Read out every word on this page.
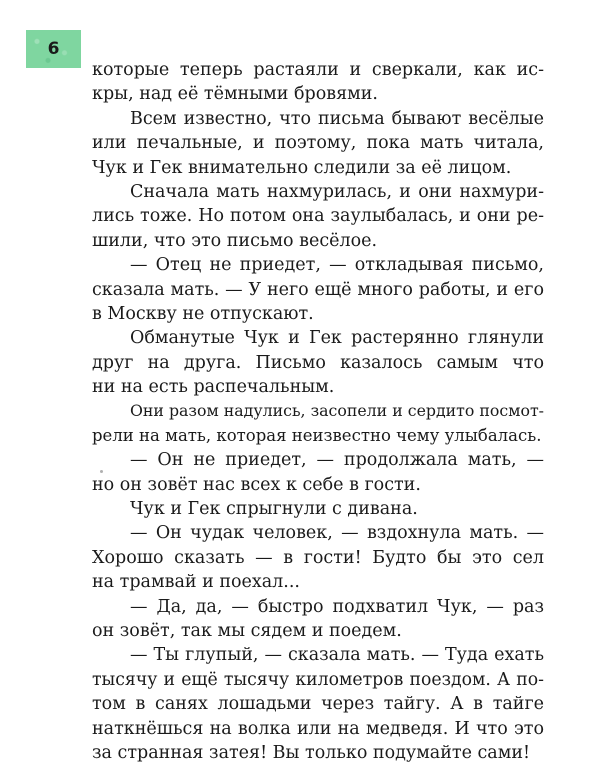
6
которые теперь растаяли и сверкали, как ис-
кры, над её тёмными бровями.
Всем известно, что письма бывают весёлые
или печальные, и поэтому, пока мать читала,
Чук и Гек внимательно следили за её лицом.
Сначала мать нахмурилась, и они нахмури-
лись тоже. Но потом она заулыбалась, и они ре-
шили, что это письмо весёлое.
— Отец не приедет, — откладывая письмо,
сказала мать. — У него ещё много работы, и его
в Москву не отпускают.
Обманутые Чук и Гек растерянно глянули
друг на друга. Письмо казалось самым что
ни на есть распечальным.
Они разом надулись, засопели и сердито посмот-
рели на мать, которая неизвестно чему улыбалась.
— Он не приедет, — продолжала мать, —
но он зовёт нас всех к себе в гости.
Чук и Гек спрыгнули с дивана.
— Он чудак человек, — вздохнула мать. —
Хорошо сказать — в гости! Будто бы это сел
на трамвай и поехал...
— Да, да, — быстро подхватил Чук, — раз
он зовёт, так мы сядем и поедем.
— Ты глупый, — сказала мать. — Туда ехать
тысячу и ещё тысячу километров поездом. А по-
том в санях лошадьми через тайгу. А в тайге
наткнёшься на волка или на медведя. И что это
за странная затея! Вы только подумайте сами!
